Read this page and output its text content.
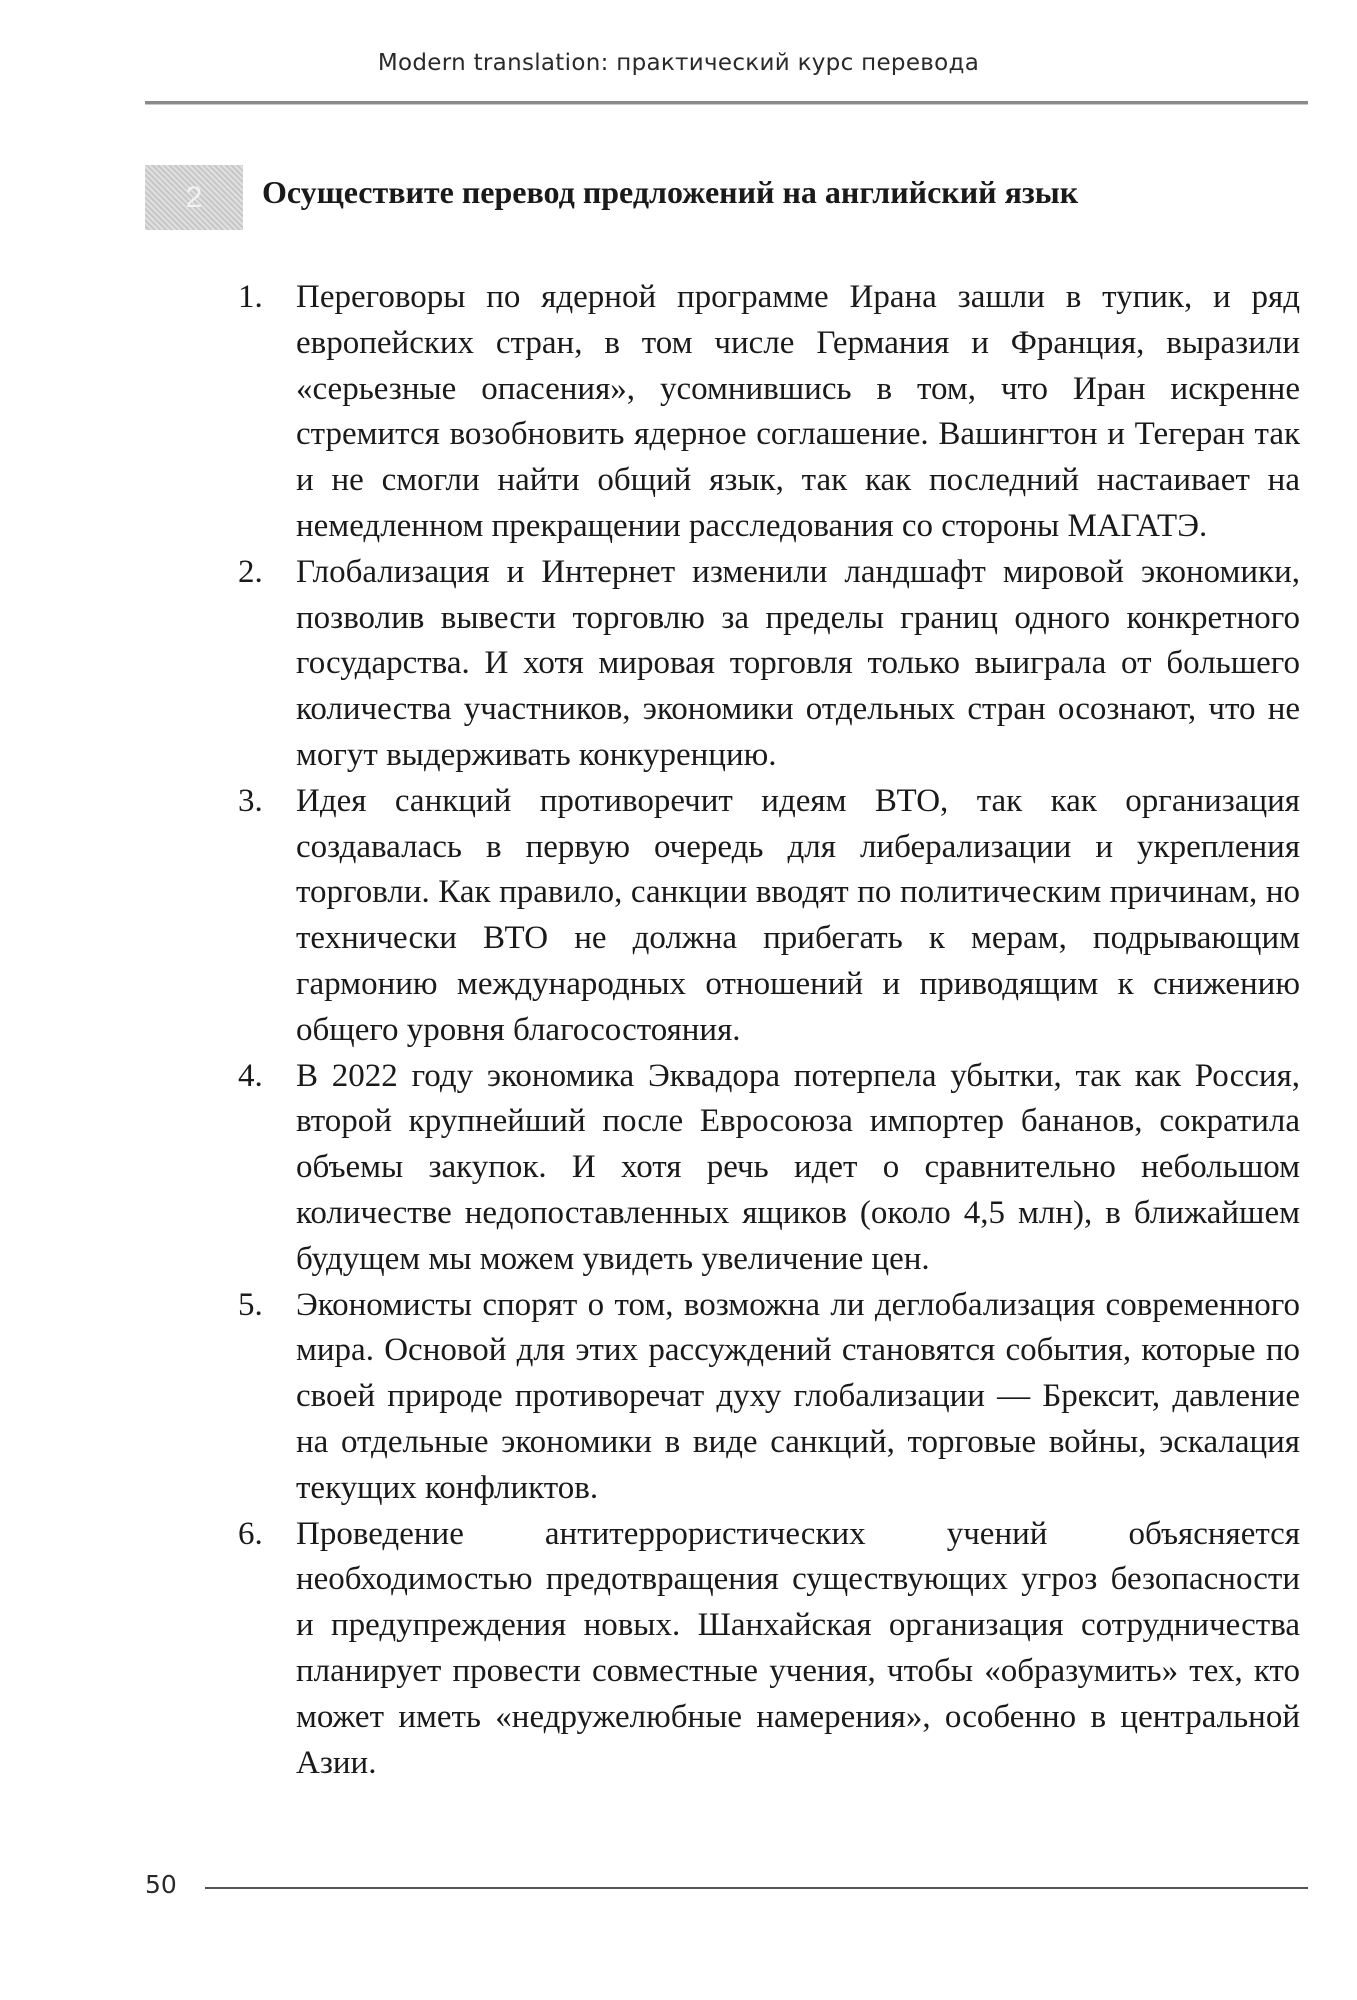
Modern translation: практический курс перевода
2	Осуществите перевод предложений на английский язык
1.	Переговоры по ядерной программе Ирана зашли в тупик, и ряд европейских стран, в том числе Германия и Франция, выразили «серьезные опасения», усомнившись в том, что Иран искренне стремится возобновить ядерное соглашение. Вашингтон и Тегеран так и не смогли найти общий язык, так как последний настаивает на немедленном прекращении расследования со стороны МАГАТЭ.
2.	Глобализация и Интернет изменили ландшафт мировой экономики, позволив вывести торговлю за пределы границ одного конкретного государства. И хотя мировая торговля только выиграла от большего количества участников, экономики отдельных стран осознают, что не могут выдерживать конкуренцию.
3.	Идея санкций противоречит идеям ВТО, так как организация создавалась в первую очередь для либерализации и укрепления торговли. Как правило, санкции вводят по политическим причинам, но технически ВТО не должна прибегать к мерам, подрывающим гармонию международных отношений и приводящим к снижению общего уровня благосостояния.
4.	В 2022 году экономика Эквадора потерпела убытки, так как Россия, второй крупнейший после Евросоюза импортер бананов, сократила объемы закупок. И хотя речь идет о сравнительно небольшом количестве недопоставленных ящиков (около 4,5 млн), в ближайшем будущем мы можем увидеть увеличение цен.
5.	Экономисты спорят о том, возможна ли деглобализация современного мира. Основой для этих рассуждений становятся события, которые по своей природе противоречат духу глобализации — Брексит, давление на отдельные экономики в виде санкций, торговые войны, эскалация текущих конфликтов.
6.	Проведение антитеррористических учений объясняется необходимостью предотвращения существующих угроз безопасности и предупреждения новых. Шанхайская организация сотрудничества планирует провести совместные учения, чтобы «образумить» тех, кто может иметь «недружелюбные намерения», особенно в центральной Азии.
50
